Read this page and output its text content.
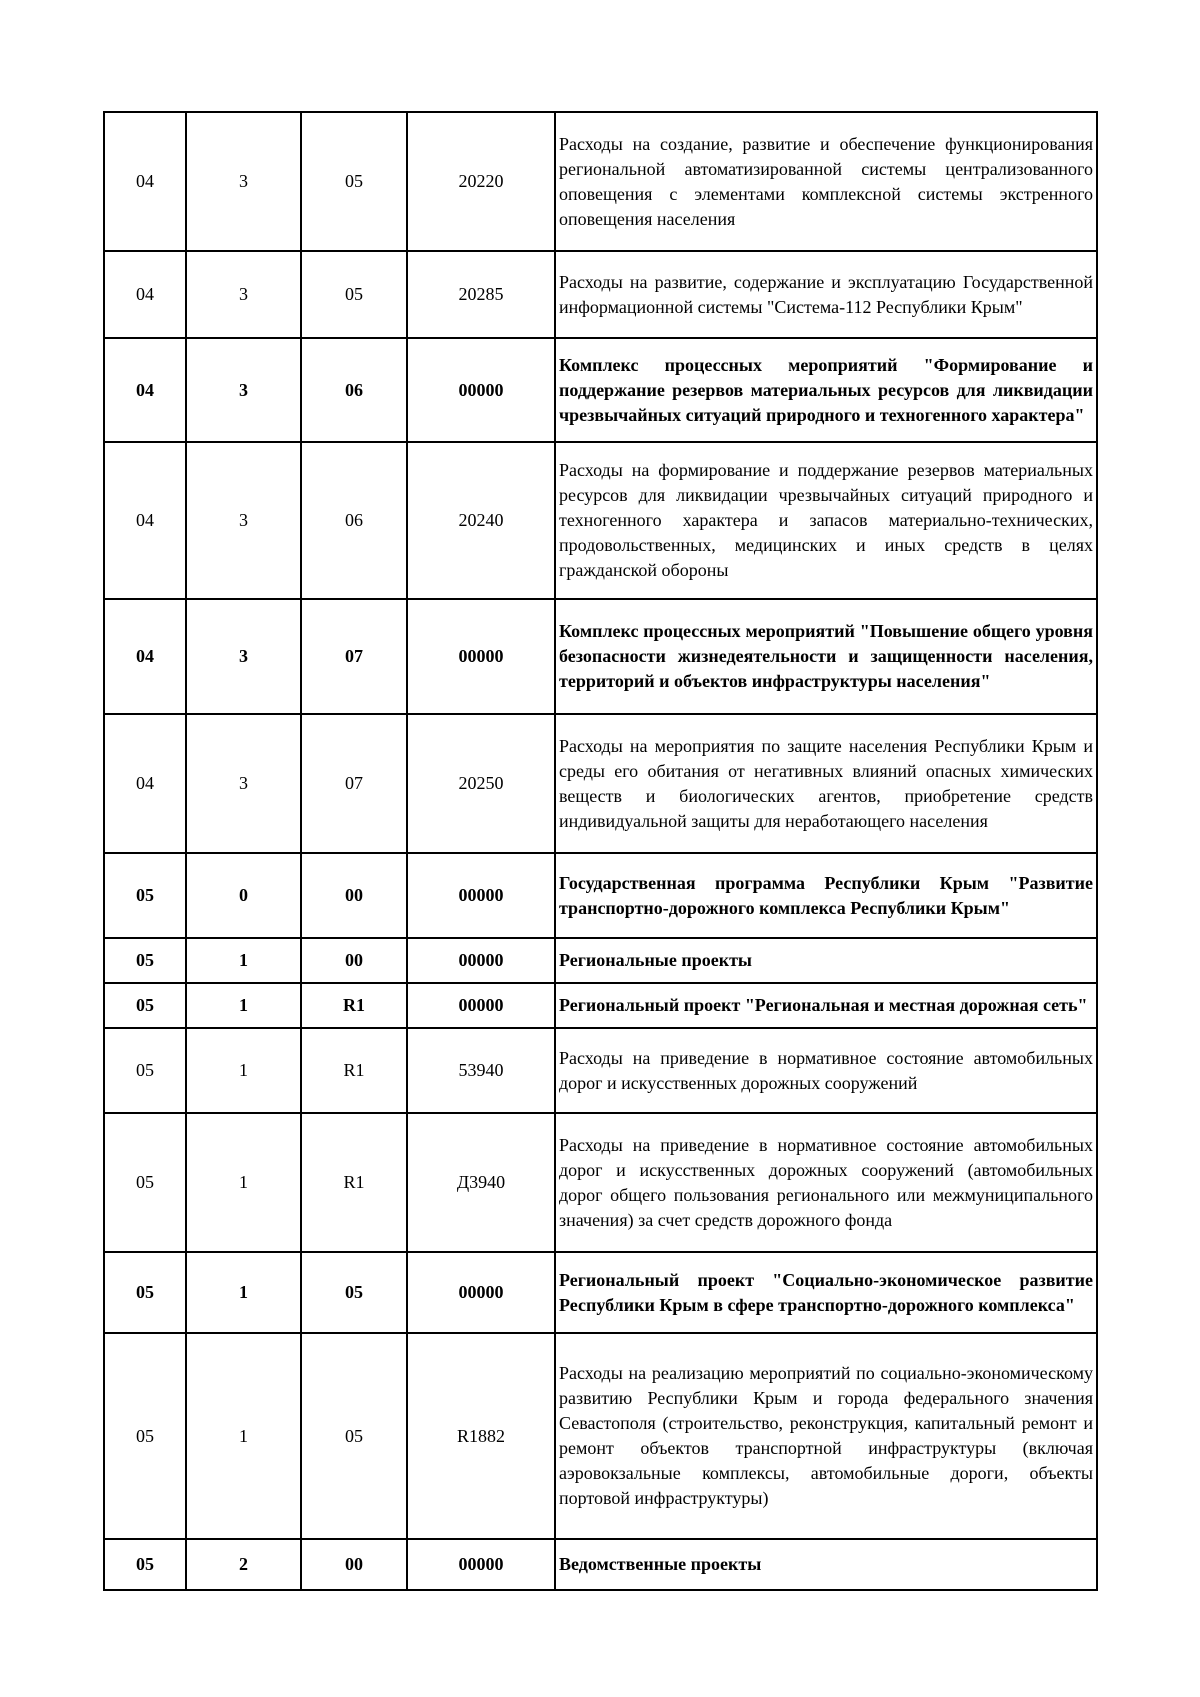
04	3	05	20220	Расходы на создание, развитие и обеспечение функционирования региональной автоматизированной системы централизованного оповещения с элементами комплексной системы экстренного оповещения населения
04	3	05	20285	Расходы на развитие, содержание и эксплуатацию Государственной информационной системы "Система-112 Республики Крым"
04	3	06	00000	Комплекс процессных мероприятий "Формирование и поддержание резервов материальных ресурсов для ликвидации чрезвычайных ситуаций природного и техногенного характера"
04	3	06	20240	Расходы на формирование и поддержание резервов материальных ресурсов для ликвидации чрезвычайных ситуаций природного и техногенного характера и запасов материально-технических, продовольственных, медицинских и иных средств в целях гражданской обороны
04	3	07	00000	Комплекс процессных мероприятий "Повышение общего уровня безопасности жизнедеятельности и защищенности населения, территорий и объектов инфраструктуры населения"
04	3	07	20250	Расходы на мероприятия по защите населения Республики Крым и среды его обитания от негативных влияний опасных химических веществ и биологических агентов, приобретение средств индивидуальной защиты для неработающего населения
05	0	00	00000	Государственная программа Республики Крым "Развитие транспортно-дорожного комплекса Республики Крым"
05	1	00	00000	Региональные проекты
05	1	R1	00000	Региональный проект "Региональная и местная дорожная сеть"
05	1	R1	53940	Расходы на приведение в нормативное состояние автомобильных дорог и искусственных дорожных сооружений
05	1	R1	Д3940	Расходы на приведение в нормативное состояние автомобильных дорог и искусственных дорожных сооружений (автомобильных дорог общего пользования регионального или межмуниципального значения) за счет средств дорожного фонда
05	1	05	00000	Региональный проект "Социально-экономическое развитие Республики Крым в сфере транспортно-дорожного комплекса"
05	1	05	R1882	Расходы на реализацию мероприятий по социально-экономическому развитию Республики Крым и города федерального значения Севастополя (строительство, реконструкция, капитальный ремонт и ремонт объектов транспортной инфраструктуры (включая аэровокзальные комплексы, автомобильные дороги, объекты портовой инфраструктуры)
05	2	00	00000	Ведомственные проекты
